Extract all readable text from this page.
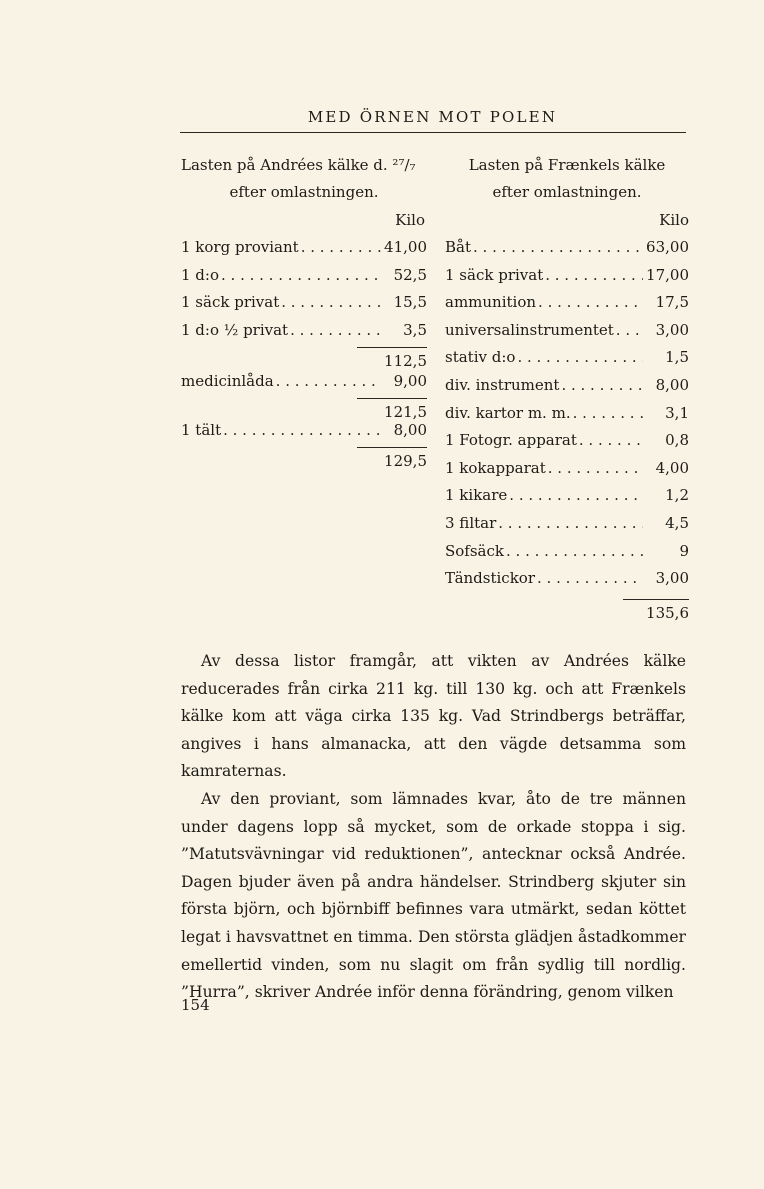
MED ÖRNEN MOT POLEN
Lasten på Andrées kälke d. ²⁷/₇
efter omlastningen.
Kilo
1 korg proviant . . .	41,00
1 d:o . . .	52,5
1 säck privat . . .	15,5
1 d:o ½ privat . . .	3,5
112,5
medicinlåda . . .	9,00
121,5
1 tält . . .	8,00
129,5
Lasten på Frænkels kälke
efter omlastningen.
Kilo
Båt . . .	63,00
1 säck privat . . .	17,00
ammunition . . .	17,5
universalinstrumentet . . .	3,00
stativ d:o . . .	1,5
div. instrument . . .	8,00
div. kartor m. m. . . .	3,1
1 Fotogr. apparat . . .	0,8
1 kokapparat . . .	4,00
1 kikare . . .	1,2
3 filtar . . .	4,5
Sofsäck . . .	9
Tändstickor . . .	3,00
135,6

Av dessa listor framgår, att vikten av Andrées kälke reducerades från cirka 211 kg. till 130 kg. och att Frænkels kälke kom att väga cirka 135 kg. Vad Strindbergs beträffar, angives i hans almanacka, att den vägde detsamma som kamraternas.

Av den proviant, som lämnades kvar, åto de tre männen under dagens lopp så mycket, som de orkade stoppa i sig. ”Matutsvävningar vid reduktionen”, antecknar också Andrée. Dagen bjuder även på andra händelser. Strindberg skjuter sin första björn, och björnbiff befinnes vara utmärkt, sedan köttet legat i havsvattnet en timma. Den största glädjen åstadkommer emellertid vinden, som nu slagit om från sydlig till nordlig. ”Hurra”, skriver Andrée inför denna förändring, genom vilken

154
